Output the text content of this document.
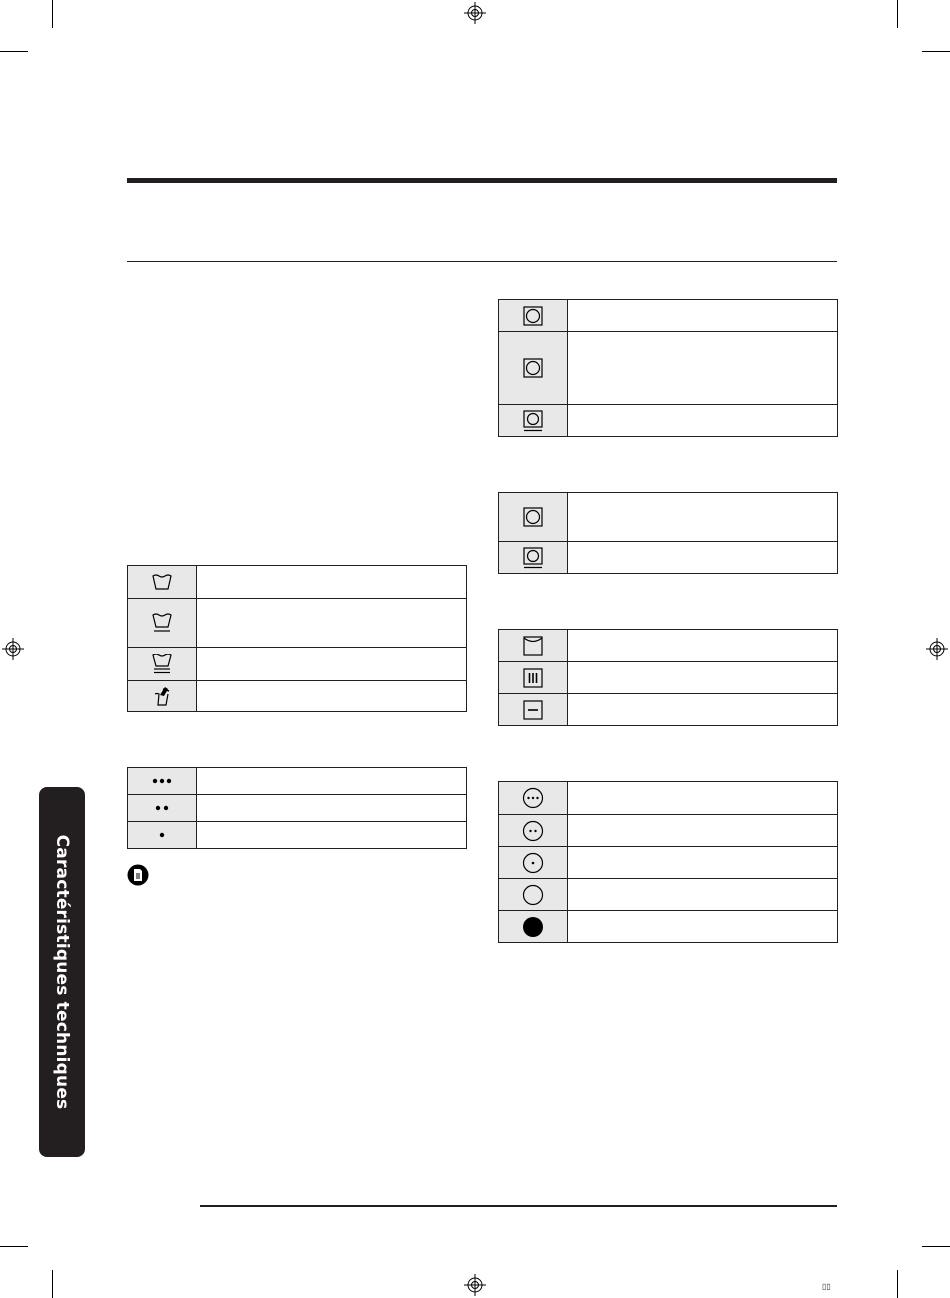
Caractéristiques techniques

▯▯
